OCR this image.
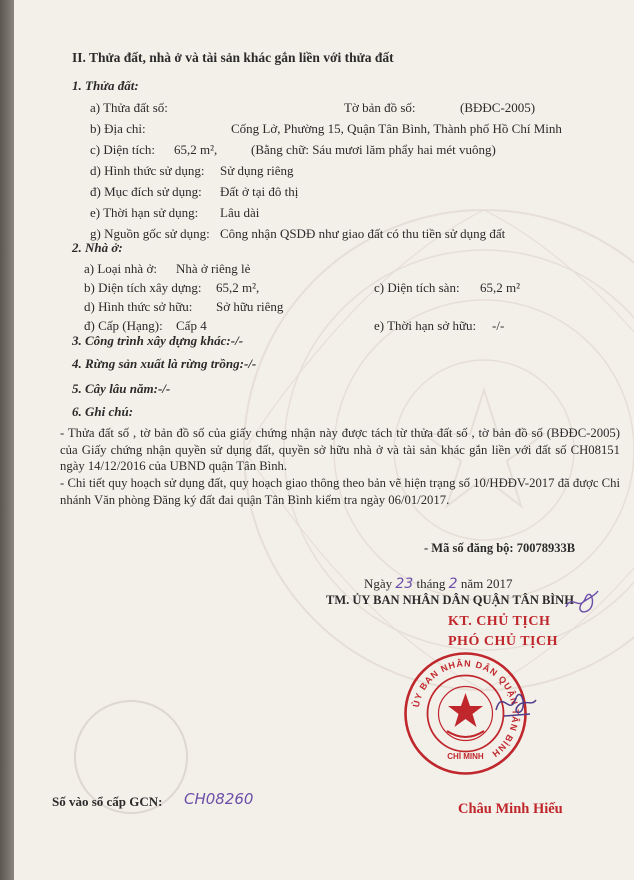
II. Thửa đất, nhà ở và tài sản khác gắn liền với thửa đất
1. Thửa đất:
a) Thửa đất số:	Tờ bản đồ số:	(BĐĐC-2005)
b) Địa chỉ:	Cống Lở, Phường 15, Quận Tân Bình, Thành phố Hồ Chí Minh
c) Diện tích: 65,2 m²,	(Bằng chữ: Sáu mươi lăm phẩy hai mét vuông)
d) Hình thức sử dụng: Sử dụng riêng
đ) Mục đích sử dụng: Đất ở tại đô thị
e) Thời hạn sử dụng: Lâu dài
g) Nguồn gốc sử dụng: Công nhận QSDĐ như giao đất có thu tiền sử dụng đất
2. Nhà ở:
a) Loại nhà ở: Nhà ở riêng lẻ
b) Diện tích xây dựng: 65,2 m²,	c) Diện tích sàn: 65,2 m²
d) Hình thức sở hữu: Sở hữu riêng
đ) Cấp (Hạng): Cấp 4	e) Thời hạn sở hữu: -/-
3. Công trình xây dựng khác:-/-
4. Rừng sản xuất là rừng trồng:-/-
5. Cây lâu năm:-/-
6. Ghi chú:
- Thửa đất số , tờ bản đồ số của giấy chứng nhận này được tách từ thửa đất số , tờ bản đồ số (BĐĐC-2005) của Giấy chứng nhận quyền sử dụng đất, quyền sở hữu nhà ở và tài sản khác gắn liền với đất số CH08151 ngày 14/12/2016 của UBND quận Tân Bình.
- Chi tiết quy hoạch sử dụng đất, quy hoạch giao thông theo bản vẽ hiện trạng số 10/HĐĐV-2017 đã được Chi nhánh Văn phòng Đăng ký đất đai quận Tân Bình kiểm tra ngày 06/01/2017.
- Mã số đăng bộ: 70078933B
Ngày 23 tháng 2 năm 2017
TM. ỦY BAN NHÂN DÂN QUẬN TÂN BÌNH
KT. CHỦ TỊCH
PHÓ CHỦ TỊCH
ỦY BAN NHÂN DÂN QUẬN TÂN BÌNH
CHÍ MINH
Châu Minh Hiếu
Số vào sổ cấp GCN: CH08260
